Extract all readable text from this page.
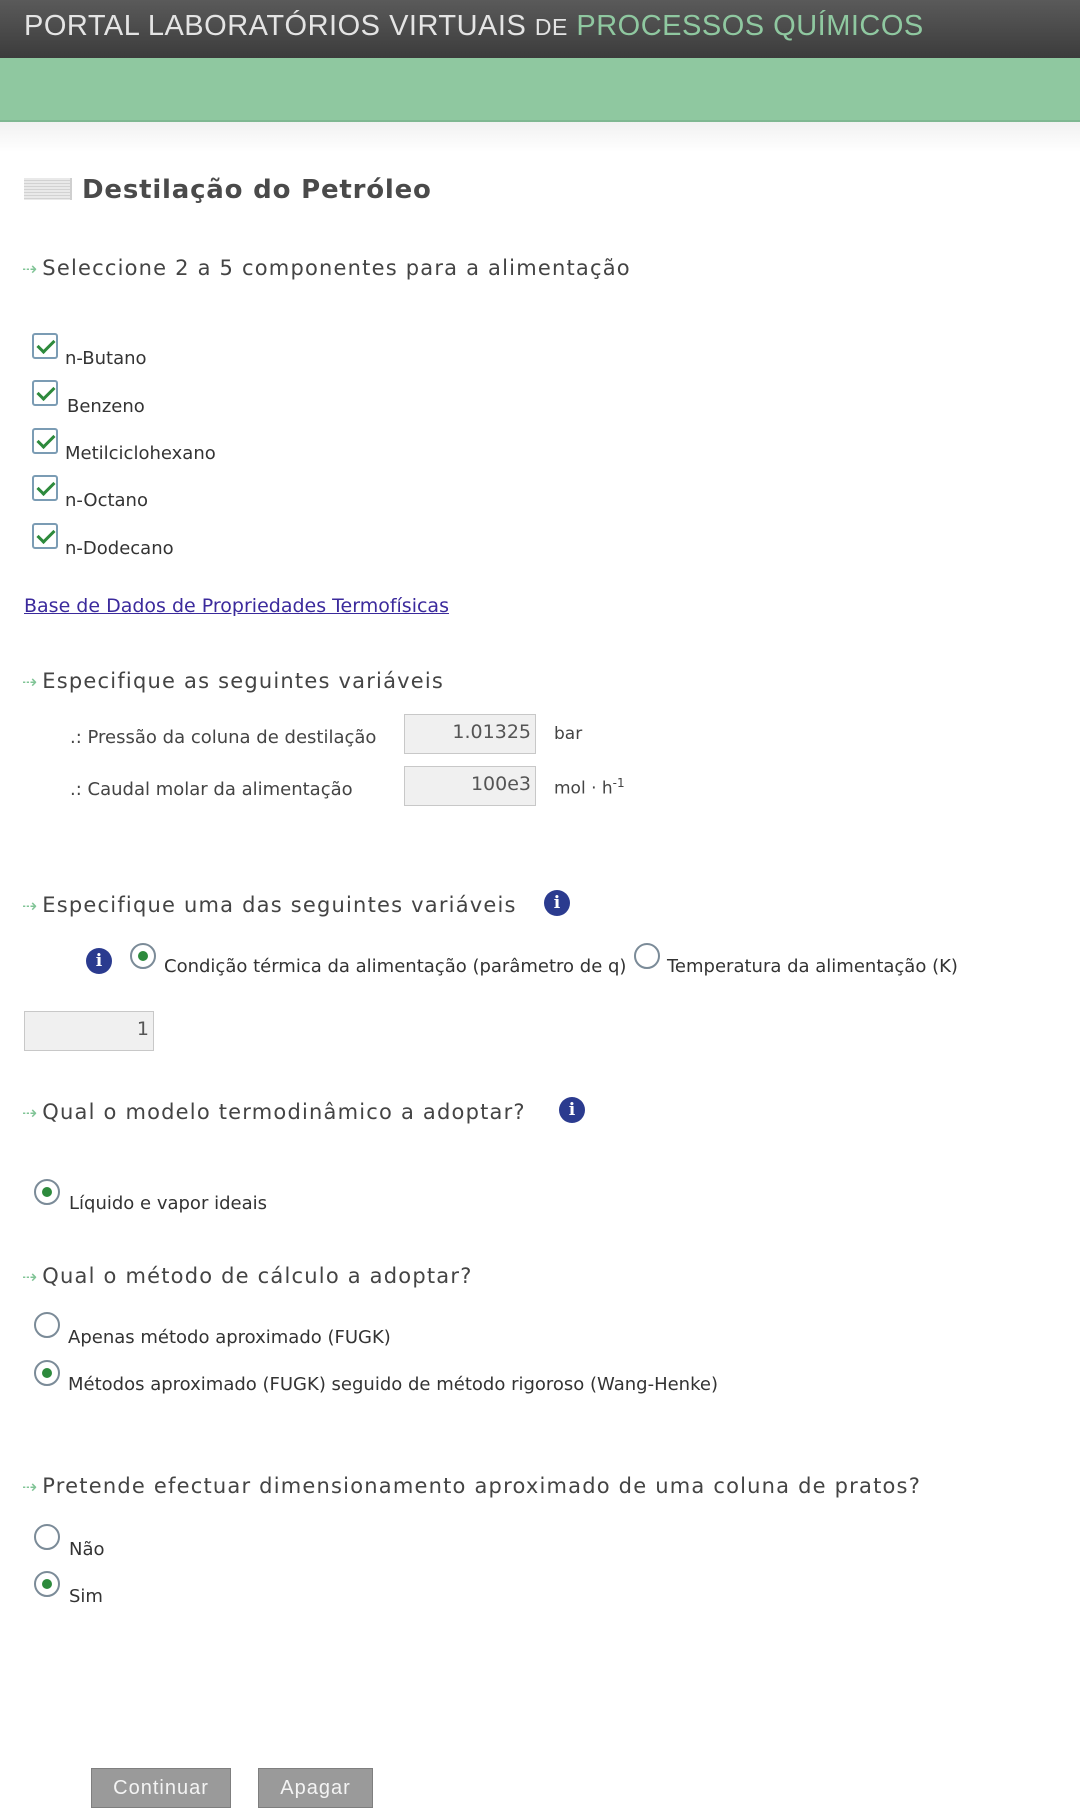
PORTAL LABORATÓRIOS VIRTUAIS DE PROCESSOS QUÍMICOS
Destilação do Petróleo
⇢ Seleccione 2 a 5 componentes para a alimentação
n-Butano
Benzeno
Metilciclohexano
n-Octano
n-Dodecano
Base de Dados de Propriedades Termofísicas
⇢ Especifique as seguintes variáveis
.: Pressão da coluna de destilação	1.01325 bar
.: Caudal molar da alimentação	100e3 mol · $h^{-1}$
⇢ Especifique uma das seguintes variáveis	i
i	Condição térmica da alimentação (parâmetro de q) Temperatura da alimentação (K)
1
⇢ Qual o modelo termodinâmico a adoptar?	i
Líquido e vapor ideais
⇢ Qual o método de cálculo a adoptar?
Apenas método aproximado (FUGK)
Métodos aproximado (FUGK) seguido de método rigoroso (Wang-Henke)
⇢ Pretende efectuar dimensionamento aproximado de uma coluna de pratos?
Não
Sim
Continuar	Apagar
